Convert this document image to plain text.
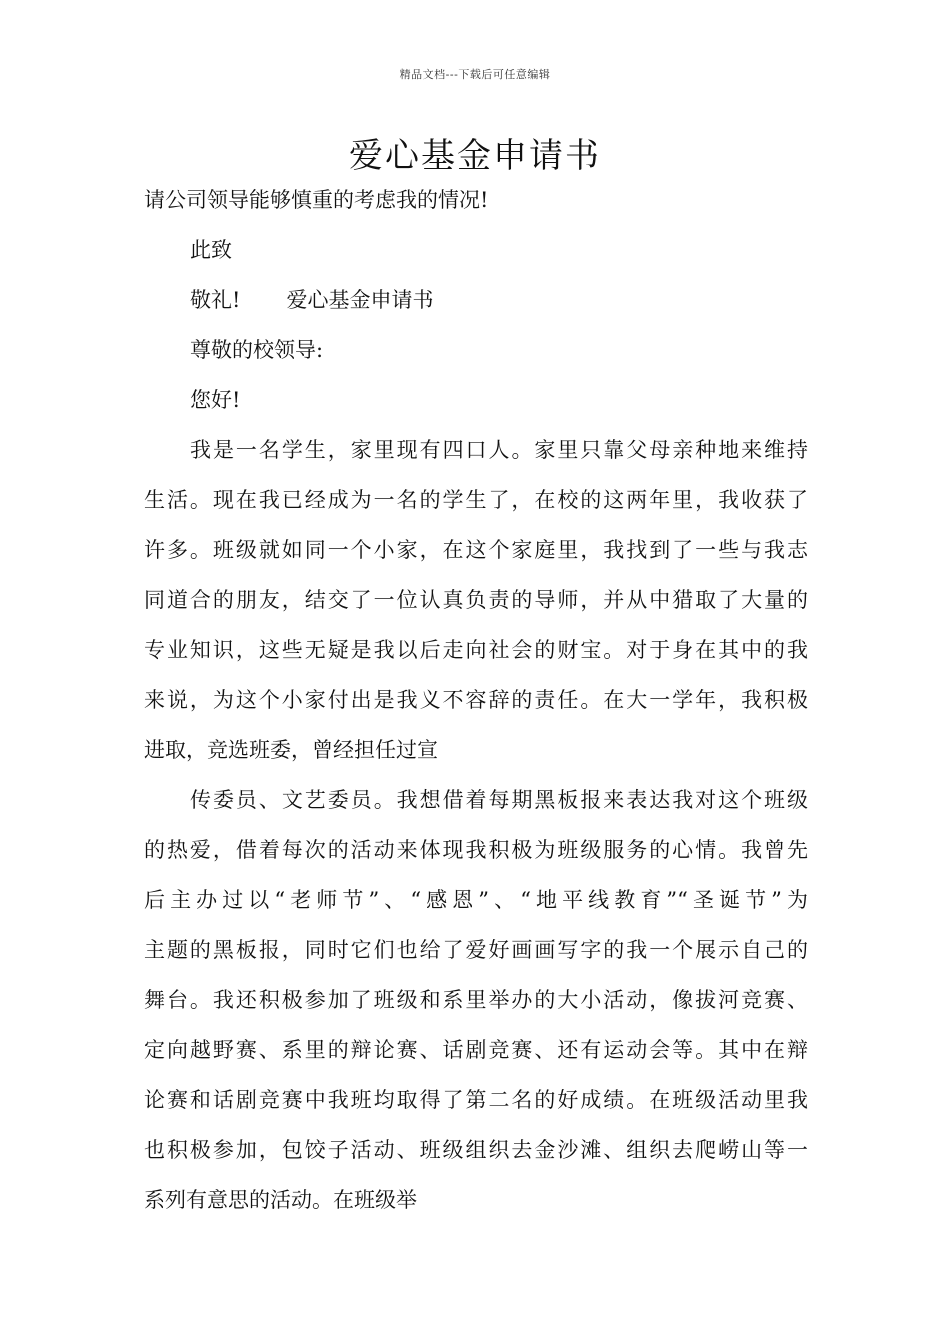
精品文档---下载后可任意编辑
爱心基金申请书
请公司领导能够慎重的考虑我的情况!
此致
敬礼! 爱心基金申请书
尊敬的校领导:
您好!
我是一名学生，家里现有四口人。家里只靠父母亲种地来维持
生活。现在我已经成为一名的学生了，在校的这两年里，我收获了
许多。班级就如同一个小家，在这个家庭里，我找到了一些与我志
同道合的朋友，结交了一位认真负责的导师，并从中猎取了大量的
专业知识，这些无疑是我以后走向社会的财宝。对于身在其中的我
来说，为这个小家付出是我义不容辞的责任。在大一学年，我积极
进取，竞选班委，曾经担任过宣
传委员、文艺委员。我想借着每期黑板报来表达我对这个班级
的热爱，借着每次的活动来体现我积极为班级服务的心情。我曾先
后主办过以“老师节”、“感恩”、“地平线教育”“圣诞节”为
主题的黑板报，同时它们也给了爱好画画写字的我一个展示自己的
舞台。我还积极参加了班级和系里举办的大小活动，像拔河竞赛、
定向越野赛、系里的辩论赛、话剧竞赛、还有运动会等。其中在辩
论赛和话剧竞赛中我班均取得了第二名的好成绩。在班级活动里我
也积极参加，包饺子活动、班级组织去金沙滩、组织去爬崂山等一
系列有意思的活动。在班级举
